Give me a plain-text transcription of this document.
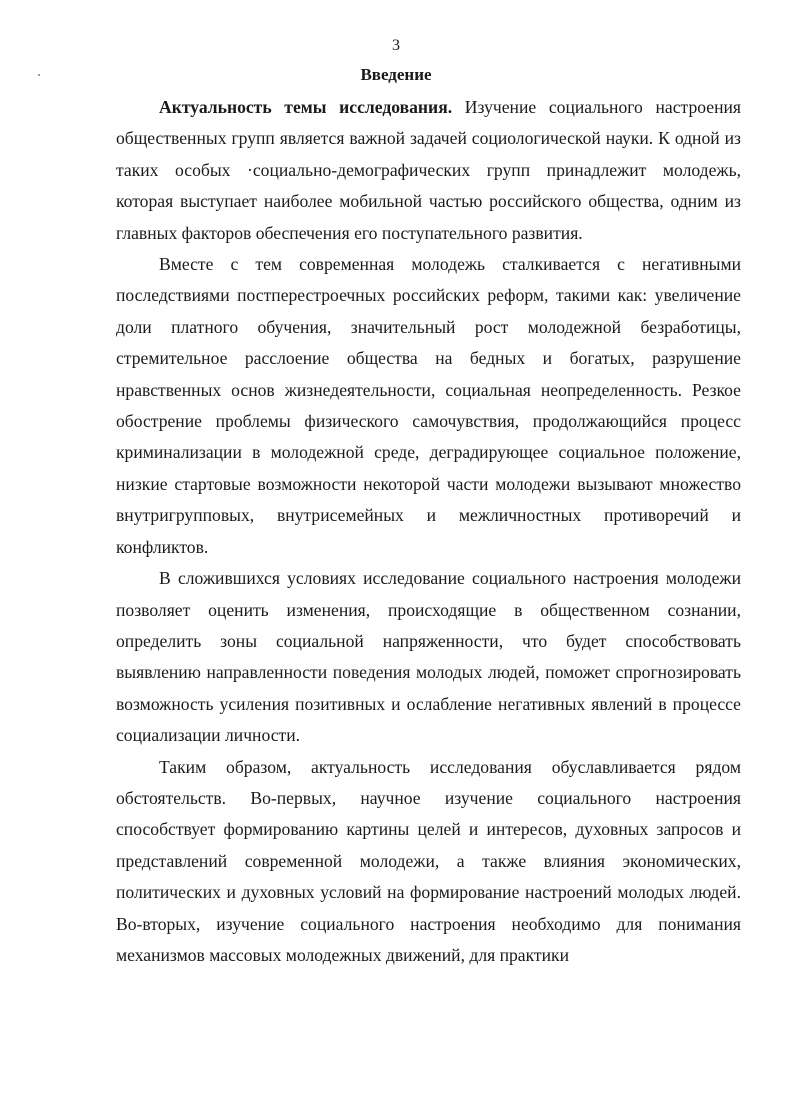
3
Введение

Актуальность темы исследования. Изучение социального настроения общественных групп является важной задачей социологической науки. К одной из таких особых ·социально-демографических групп принадлежит молодежь, которая выступает наиболее мобильной частью российского общества, одним из главных факторов обеспечения его поступательного развития.

Вместе с тем современная молодежь сталкивается с негативными последствиями постперестроечных российских реформ, такими как: увеличение доли платного обучения, значительный рост молодежной безработицы, стремительное расслоение общества на бедных и богатых, разрушение нравственных основ жизнедеятельности, социальная неопределенность. Резкое обострение проблемы физического самочувствия, продолжающийся процесс криминализации в молодежной среде, деградирующее социальное положение, низкие стартовые возможности некоторой части молодежи вызывают множество внутригрупповых, внутрисемейных и межличностных противоречий и конфликтов.

В сложившихся условиях исследование социального настроения молодежи позволяет оценить изменения, происходящие в общественном сознании, определить зоны социальной напряженности, что будет способствовать выявлению направленности поведения молодых людей, поможет спрогнозировать возможность усиления позитивных и ослабление негативных явлений в процессе социализации личности.

Таким образом, актуальность исследования обуславливается рядом обстоятельств. Во-первых, научное изучение социального настроения способствует формированию картины целей и интересов, духовных запросов и представлений современной молодежи, а также влияния экономических, политических и духовных условий на формирование настроений молодых людей. Во-вторых, изучение социального настроения необходимо для понимания механизмов массовых молодежных движений, для практики
